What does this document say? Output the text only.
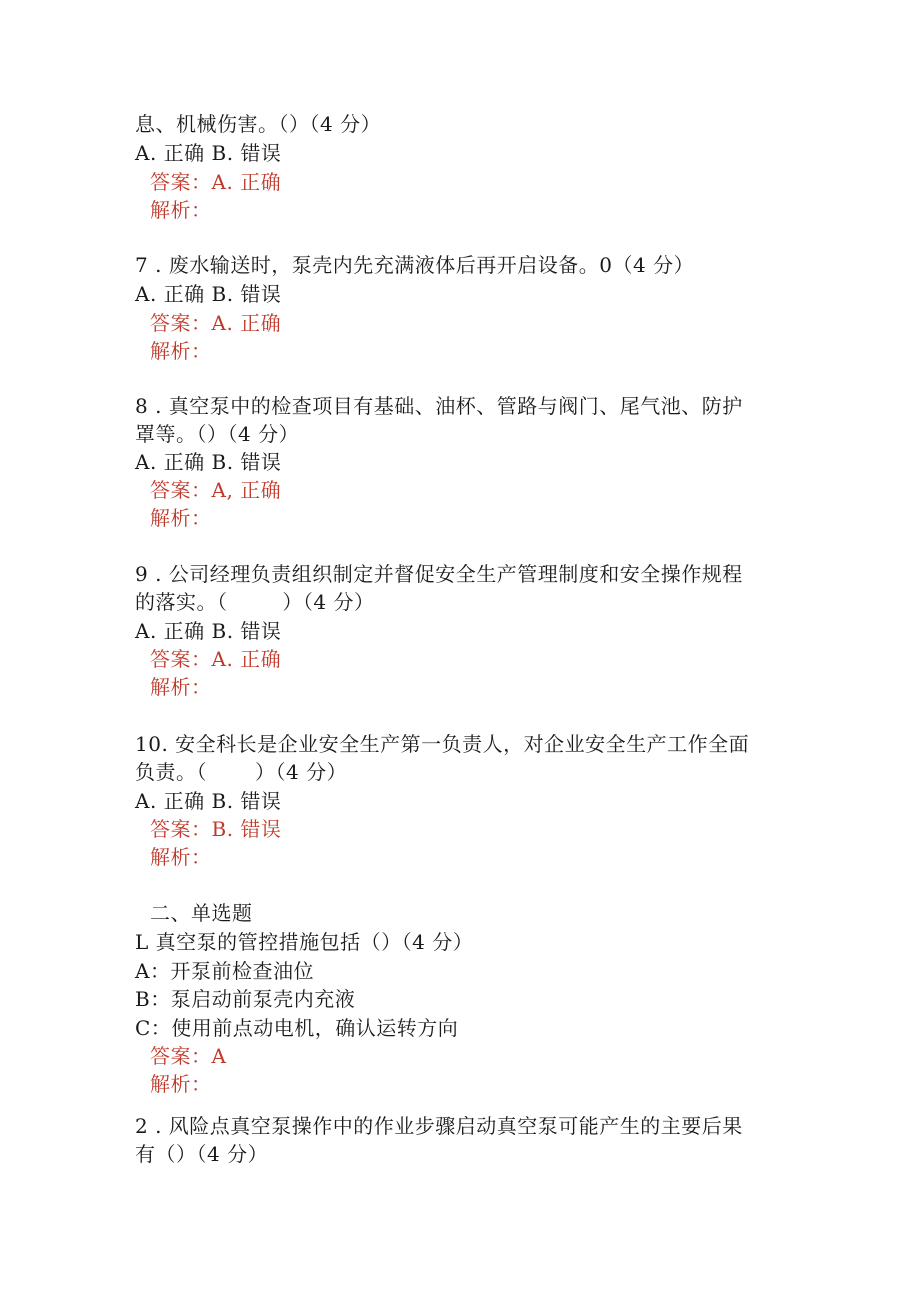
息、机械伤害。（）（4 分）
A. 正确 B. 错误
答案：A. 正确
解析：
7 . 废水输送时，泵壳内先充满液体后再开启设备。0（4 分）
A. 正确 B. 错误
答案：A. 正确
解析：
8 . 真空泵中的检查项目有基础、油杯、管路与阀门、尾气池、防护
罩等。（）（4 分）
A. 正确 B. 错误
答案：A, 正确
解析：
9 . 公司经理负责组织制定并督促安全生产管理制度和安全操作规程
的落实。（        ）（4 分）
A. 正确 B. 错误
答案：A. 正确
解析：
10. 安全科长是企业安全生产第一负责人，对企业安全生产工作全面
负责。（       ）（4 分）
A. 正确 B. 错误
答案：B. 错误
解析：
二、单选题
L 真空泵的管控措施包括（）（4 分）
A：开泵前检查油位
B：泵启动前泵壳内充液
C：使用前点动电机，确认运转方向
答案：A
解析：
2 . 风险点真空泵操作中的作业步骤启动真空泵可能产生的主要后果
有（）（4 分）
